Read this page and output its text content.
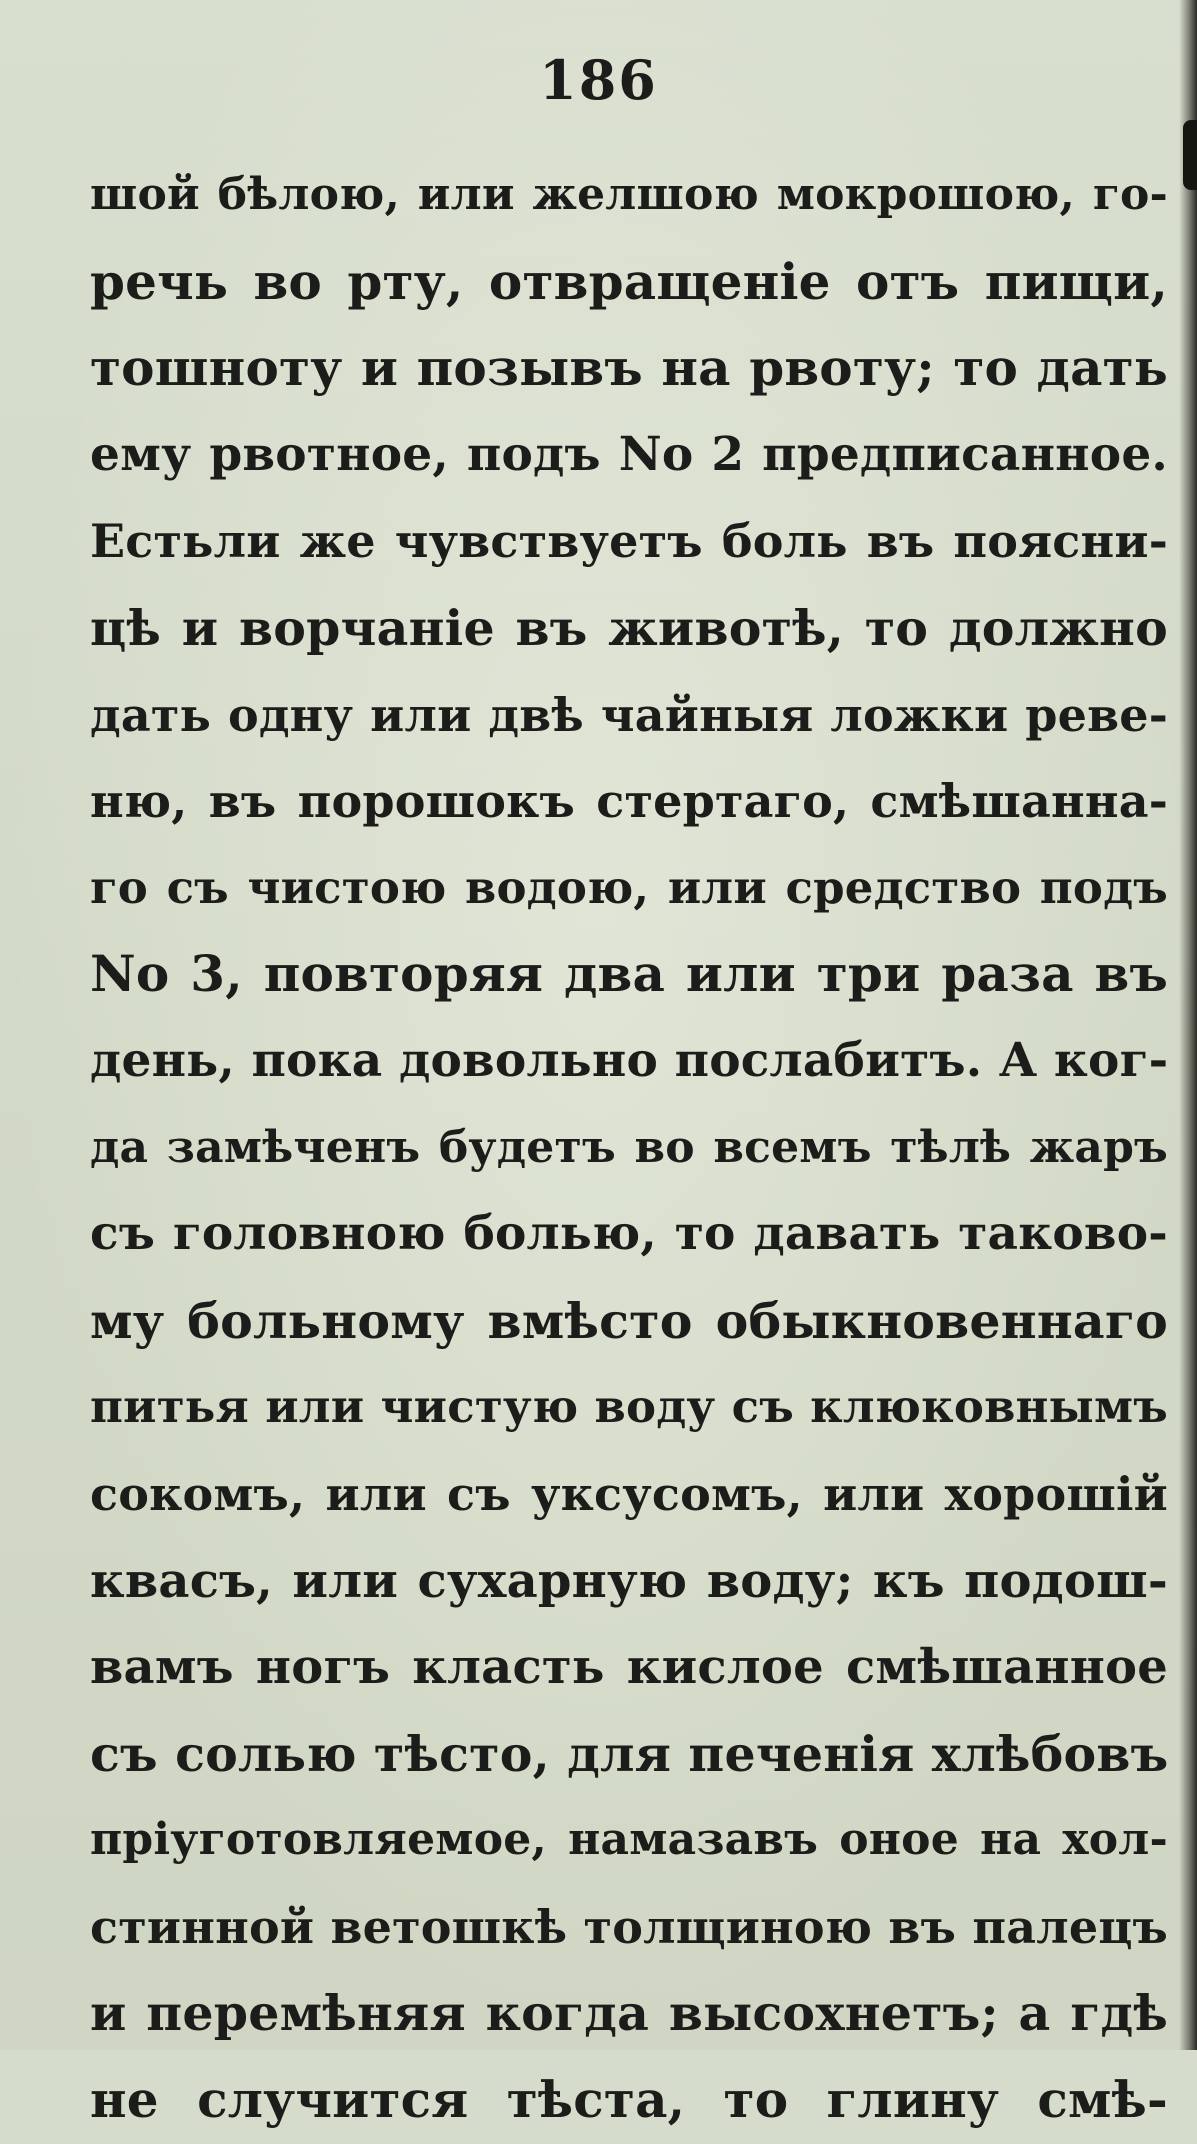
186
шой бѣлою, или желшою мокрошою, го-
речь во рту, отвращеніе отъ пищи,
тошноту и позывъ на рвоту; то дать
ему рвотное, подъ No 2 предписанное.
Естьли же чувствуетъ боль въ поясни-
цѣ и ворчаніе въ животѣ, то должно
дать одну или двѣ чайныя ложки реве-
ню, въ порошокъ стертаго, смѣшанна-
го съ чистою водою, или средство подъ
No 3, повторяя два или три раза въ
день, пока довольно послабитъ. А ког-
да замѣченъ будетъ во всемъ тѣлѣ жаръ
съ головною болью, то давать таково-
му больному вмѣсто обыкновеннаго
питья или чистую воду съ клюковнымъ
сокомъ, или съ уксусомъ, или хорошій
квасъ, или сухарную воду; къ подош-
вамъ ногъ класть кислое смѣшанное
съ солью тѣсто, для печенія хлѣбовъ
пріуготовляемое, намазавъ оное на хол-
стинной ветошкѣ толщиною въ палецъ
и перемѣняя когда высохнетъ; а гдѣ
не случится тѣста, то глину смѣ-
